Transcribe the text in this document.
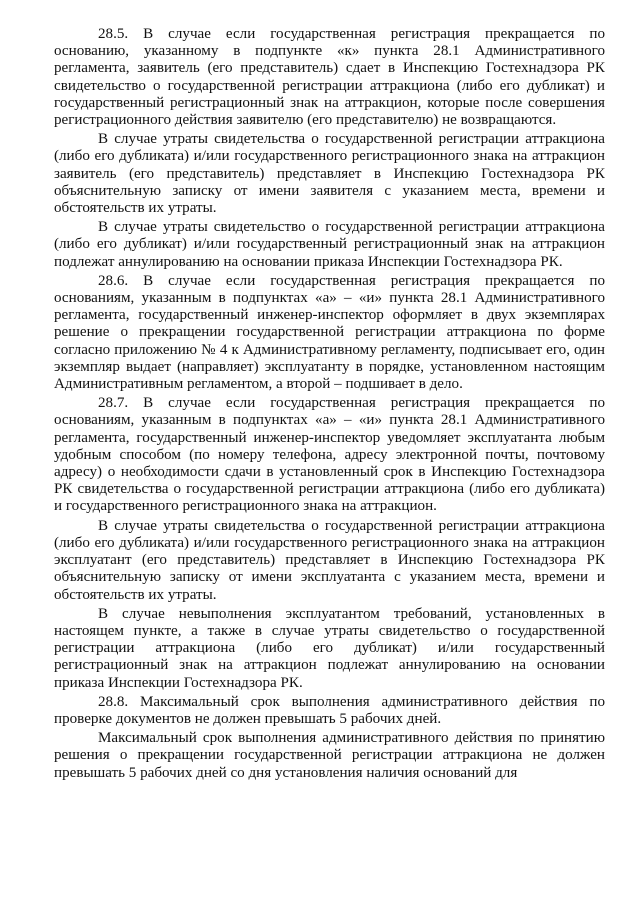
28.5. В случае если государственная регистрация прекращается по основанию, указанному в подпункте «к» пункта 28.1 Административного регламента, заявитель (его представитель) сдает в Инспекцию Гостехнадзора РК свидетельство о государственной регистрации аттракциона (либо его дубликат) и государственный регистрационный знак на аттракцион, которые после совершения регистрационного действия заявителю (его представителю) не возвращаются.

В случае утраты свидетельства о государственной регистрации аттракциона (либо его дубликата) и/или государственного регистрационного знака на аттракцион заявитель (его представитель) представляет в Инспекцию Гостехнадзора РК объяснительную записку от имени заявителя с указанием места, времени и обстоятельств их утраты.

В случае утраты свидетельство о государственной регистрации аттракциона (либо его дубликат) и/или государственный регистрационный знак на аттракцион подлежат аннулированию на основании приказа Инспекции Гостехнадзора РК.

28.6. В случае если государственная регистрация прекращается по основаниям, указанным в подпунктах «а» – «и» пункта 28.1 Административного регламента, государственный инженер-инспектор оформляет в двух экземплярах решение о прекращении государственной регистрации аттракциона по форме согласно приложению № 4 к Административному регламенту, подписывает его, один экземпляр выдает (направляет) эксплуатанту в порядке, установленном настоящим Административным регламентом, а второй – подшивает в дело.

28.7. В случае если государственная регистрация прекращается по основаниям, указанным в подпунктах «а» – «и» пункта 28.1 Административного регламента, государственный инженер-инспектор уведомляет эксплуатанта любым удобным способом (по номеру телефона, адресу электронной почты, почтовому адресу) о необходимости сдачи в установленный срок в Инспекцию Гостехнадзора РК свидетельства о государственной регистрации аттракциона (либо его дубликата) и государственного регистрационного знака на аттракцион.

В случае утраты свидетельства о государственной регистрации аттракциона (либо его дубликата) и/или государственного регистрационного знака на аттракцион эксплуатант (его представитель) представляет в Инспекцию Гостехнадзора РК объяснительную записку от имени эксплуатанта с указанием места, времени и обстоятельств их утраты.

В случае невыполнения эксплуатантом требований, установленных в настоящем пункте, а также в случае утраты свидетельство о государственной регистрации аттракциона (либо его дубликат) и/или государственный регистрационный знак на аттракцион подлежат аннулированию на основании приказа Инспекции Гостехнадзора РК.

28.8. Максимальный срок выполнения административного действия по проверке документов не должен превышать 5 рабочих дней.

Максимальный срок выполнения административного действия по принятию решения о прекращении государственной регистрации аттракциона не должен превышать 5 рабочих дней со дня установления наличия оснований для
